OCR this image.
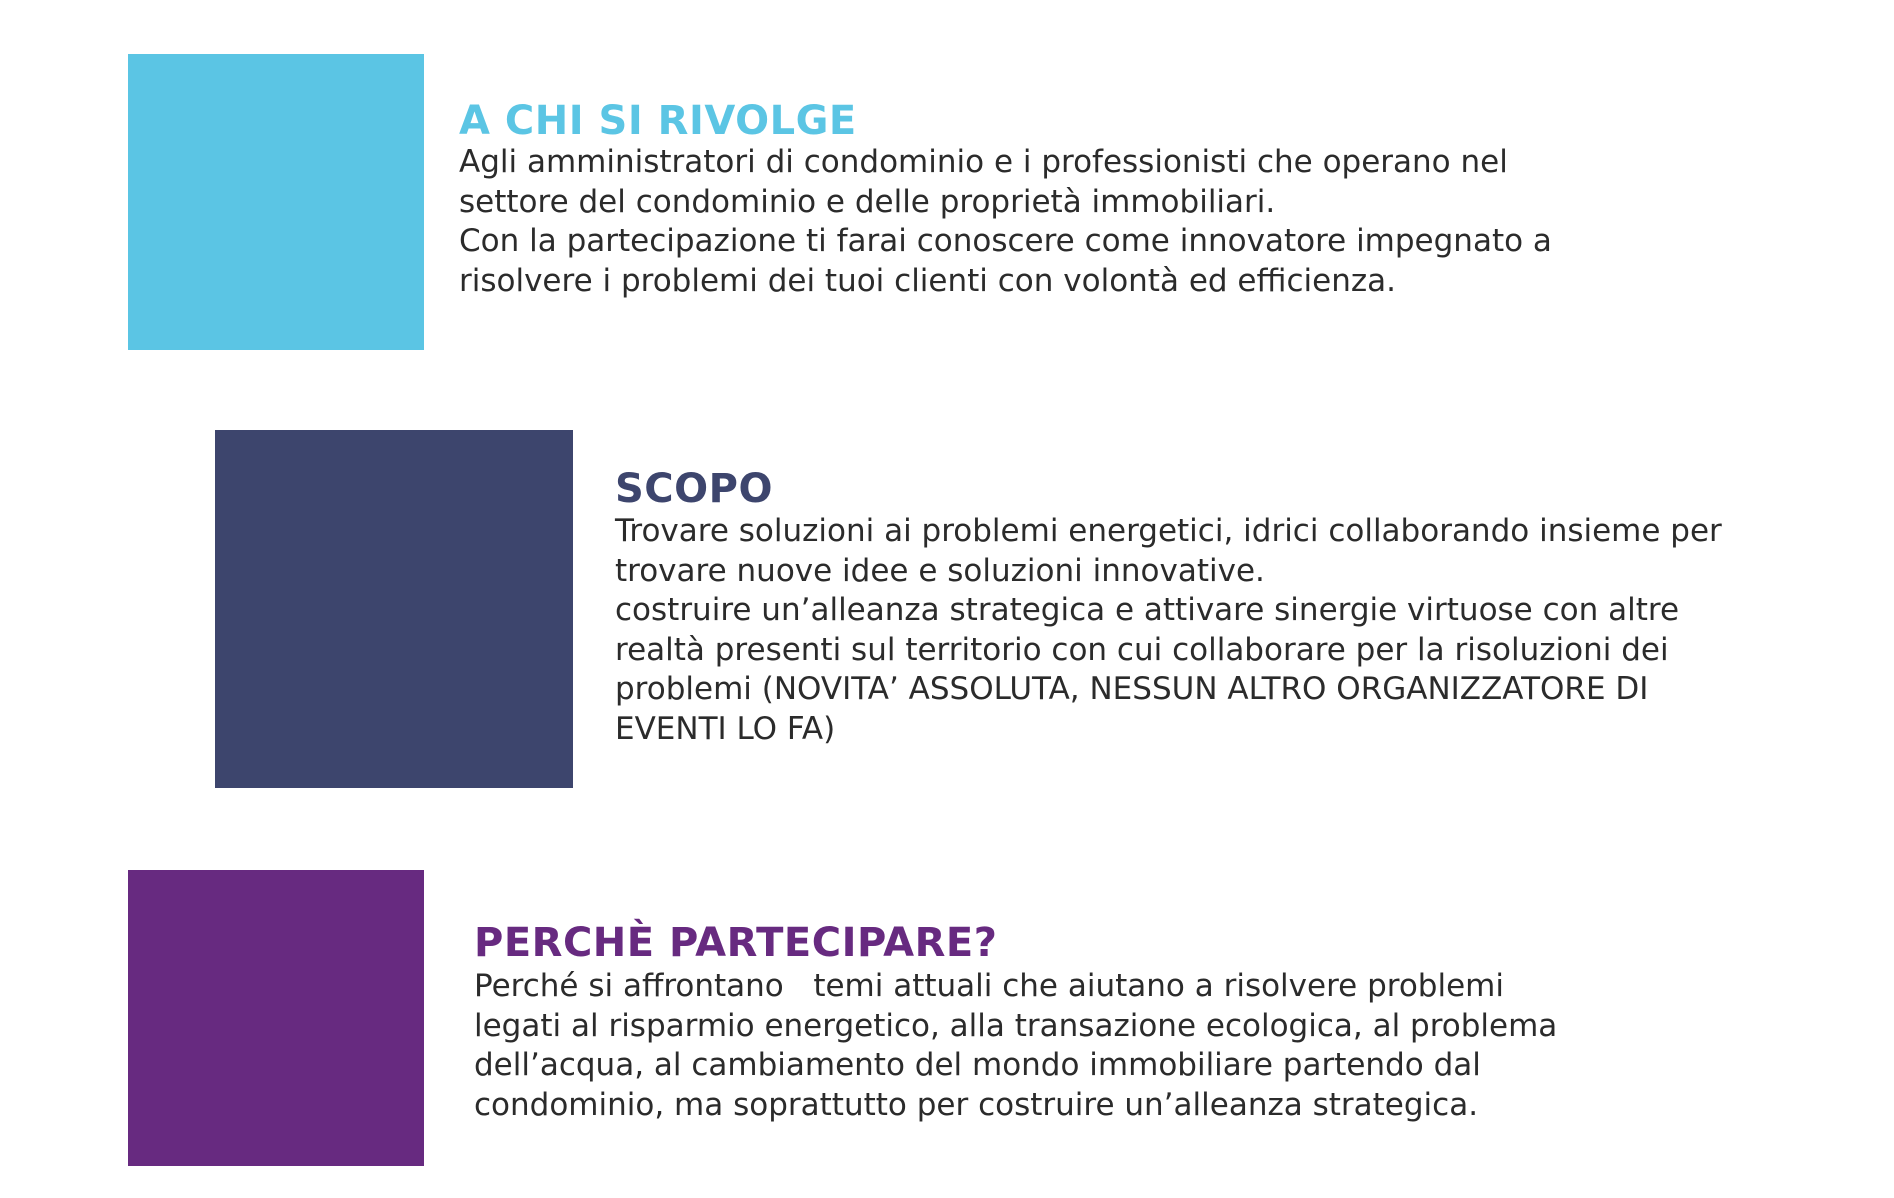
A CHI SI RIVOLGE

Agli amministratori di condominio e i professionisti che operano nel
settore del condominio e delle proprietà immobiliari.
Con la partecipazione ti farai conoscere come innovatore impegnato a
risolvere i problemi dei tuoi clienti con volontà ed efficienza.

SCOPO

Trovare soluzioni ai problemi energetici, idrici collaborando insieme per
trovare nuove idee e soluzioni innovative.
costruire un’alleanza strategica e attivare sinergie virtuose con altre
realtà presenti sul territorio con cui collaborare per la risoluzioni dei
problemi (NOVITA’ ASSOLUTA, NESSUN ALTRO ORGANIZZATORE DI
EVENTI LO FA)

PERCHÈ PARTECIPARE?

Perché si affrontano   temi attuali che aiutano a risolvere problemi
legati al risparmio energetico, alla transazione ecologica, al problema
dell’acqua, al cambiamento del mondo immobiliare partendo dal
condominio, ma soprattutto per costruire un’alleanza strategica.
